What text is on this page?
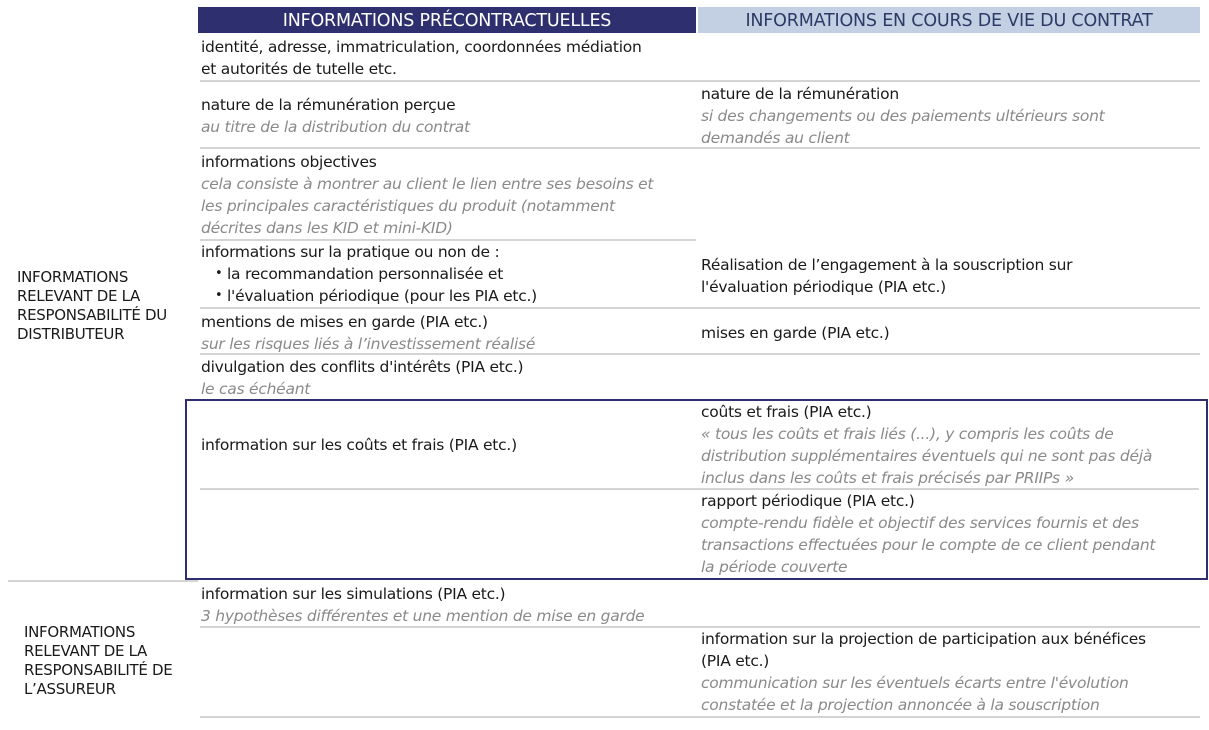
INFORMATIONS PRÉCONTRACTUELLES	INFORMATIONS EN COURS DE VIE DU CONTRAT
INFORMATIONS
RELEVANT DE LA
RESPONSABILITÉ DU
DISTRIBUTEUR
INFORMATIONS
RELEVANT DE LA
RESPONSABILITÉ DE
L’ASSUREUR
identité, adresse, immatriculation, coordonnées médiation
et autorités de tutelle etc.
nature de la rémunération perçue
au titre de la distribution du contrat
nature de la rémunération
si des changements ou des paiements ultérieurs sont
demandés au client
informations objectives
cela consiste à montrer au client le lien entre ses besoins et
les principales caractéristiques du produit (notamment
décrites dans les KID et mini-KID)
informations sur la pratique ou non de :
• la recommandation personnalisée et
• l'évaluation périodique (pour les PIA etc.)
Réalisation de l’engagement à la souscription sur
l'évaluation périodique (PIA etc.)
mentions de mises en garde (PIA etc.)
sur les risques liés à l’investissement réalisé
mises en garde (PIA etc.)
divulgation des conflits d'intérêts (PIA etc.)
le cas échéant
information sur les coûts et frais (PIA etc.)
coûts et frais (PIA etc.)
« tous les coûts et frais liés (...), y compris les coûts de
distribution supplémentaires éventuels qui ne sont pas déjà
inclus dans les coûts et frais précisés par PRIIPs »
rapport périodique (PIA etc.)
compte-rendu fidèle et objectif des services fournis et des
transactions effectuées pour le compte de ce client pendant
la période couverte
information sur les simulations (PIA etc.)
3 hypothèses différentes et une mention de mise en garde
information sur la projection de participation aux bénéfices
(PIA etc.)
communication sur les éventuels écarts entre l'évolution
constatée et la projection annoncée à la souscription
